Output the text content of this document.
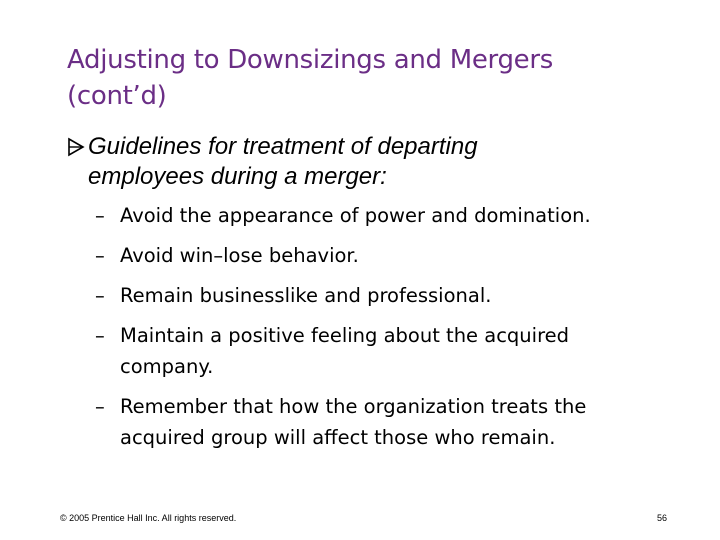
Adjusting to Downsizings and Mergers
(cont’d)
Guidelines for treatment of departing
employees during a merger:
– Avoid the appearance of power and domination.
– Avoid win–lose behavior.
– Remain businesslike and professional.
– Maintain a positive feeling about the acquired
company.
– Remember that how the organization treats the
acquired group will affect those who remain.
© 2005 Prentice Hall Inc. All rights reserved.	56
